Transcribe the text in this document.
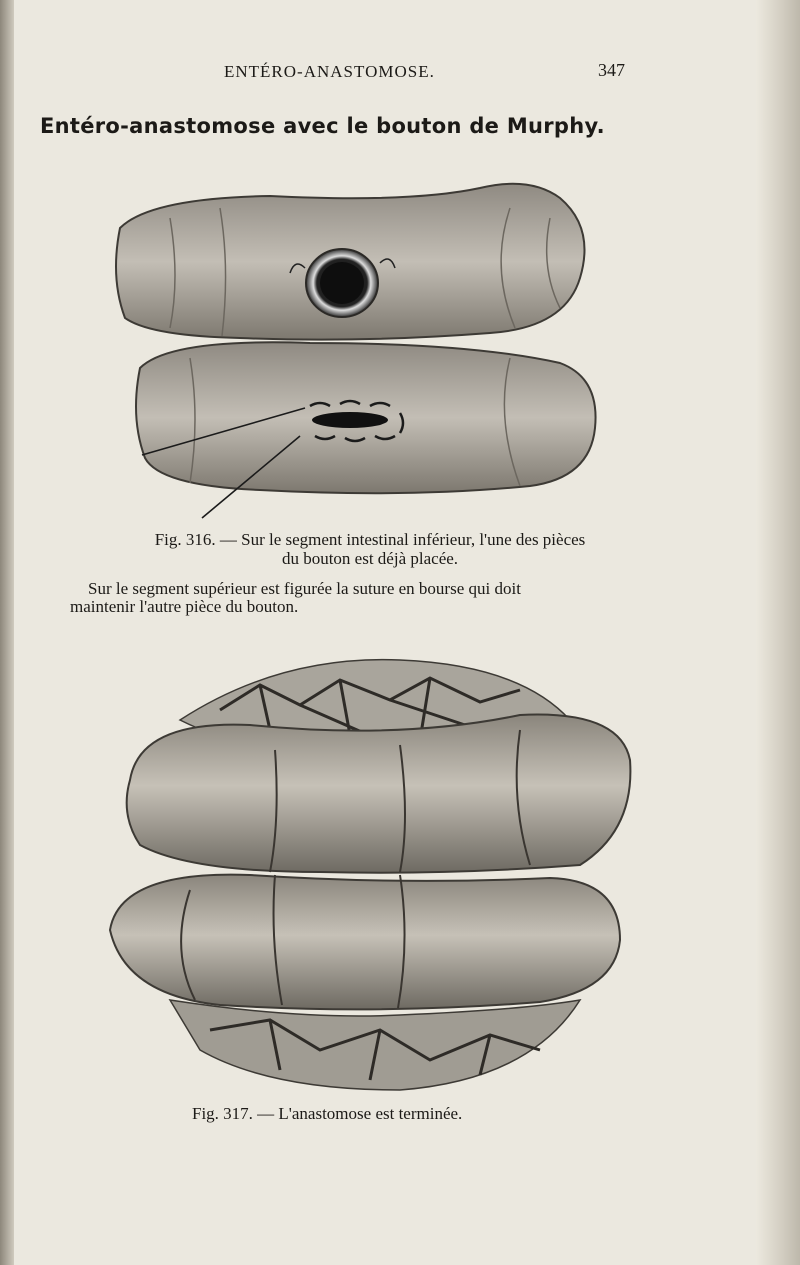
ENTÉRO-ANASTOMOSE.	347
Entéro-anastomose avec le bouton de Murphy.
Fig. 316. — Sur le segment intestinal inférieur, l'une des pièces
du bouton est déjà placée.
Sur le segment supérieur est figurée la suture en bourse qui doit
maintenir l'autre pièce du bouton.
Fig. 317. — L'anastomose est terminée.
